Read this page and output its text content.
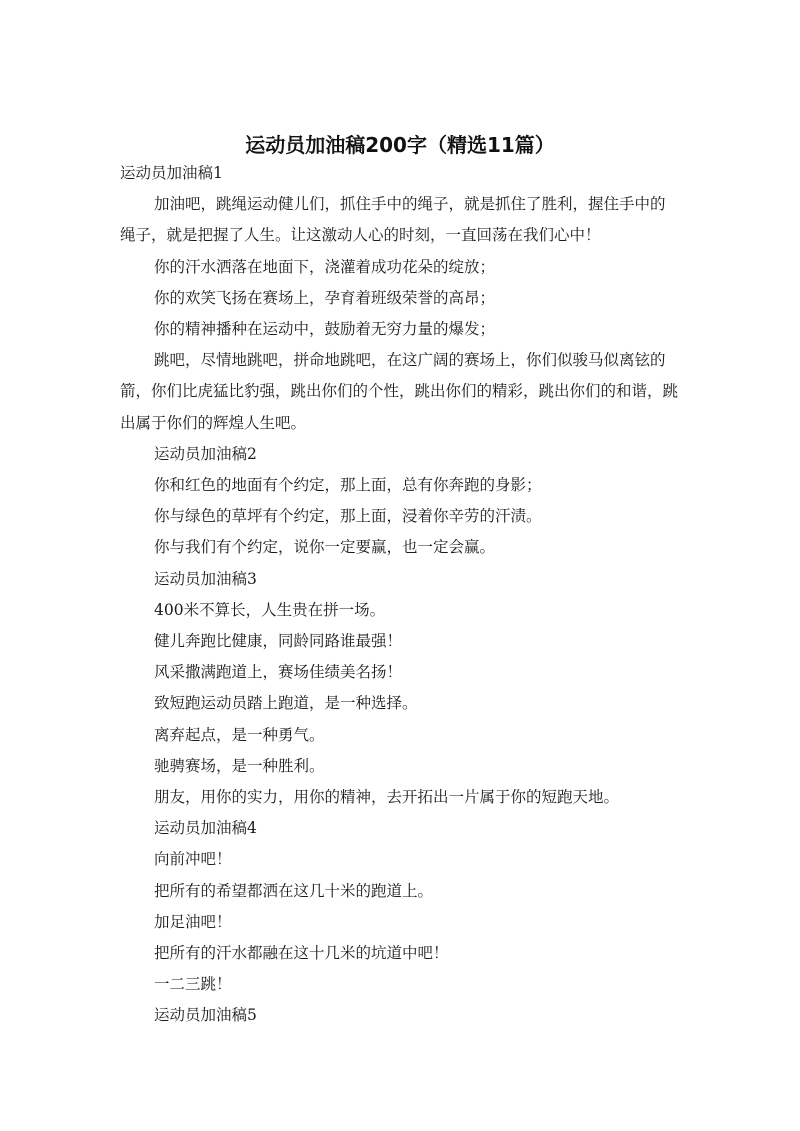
运动员加油稿200字（精选11篇）

运动员加油稿1

加油吧，跳绳运动健儿们，抓住手中的绳子，就是抓住了胜利，握住手中的绳子，就是把握了人生。让这激动人心的时刻，一直回荡在我们心中！

你的汗水洒落在地面下，浇灌着成功花朵的绽放；

你的欢笑飞扬在赛场上，孕育着班级荣誉的高昂；

你的精神播种在运动中，鼓励着无穷力量的爆发；

跳吧，尽情地跳吧，拼命地跳吧，在这广阔的赛场上，你们似骏马似离铉的箭，你们比虎猛比豹强，跳出你们的个性，跳出你们的精彩，跳出你们的和谐，跳出属于你们的辉煌人生吧。

运动员加油稿2

你和红色的地面有个约定，那上面，总有你奔跑的身影；

你与绿色的草坪有个约定，那上面，浸着你辛劳的汗渍。

你与我们有个约定，说你一定要赢，也一定会赢。

运动员加油稿3

400米不算长，人生贵在拼一场。

健儿奔跑比健康，同龄同路谁最强！

风采撒满跑道上，赛场佳绩美名扬！

致短跑运动员踏上跑道，是一种选择。

离弃起点，是一种勇气。

驰骋赛场，是一种胜利。

朋友，用你的实力，用你的精神，去开拓出一片属于你的短跑天地。

运动员加油稿4

向前冲吧！

把所有的希望都洒在这几十米的跑道上。

加足油吧！

把所有的汗水都融在这十几米的坑道中吧！

一二三跳！

运动员加油稿5
